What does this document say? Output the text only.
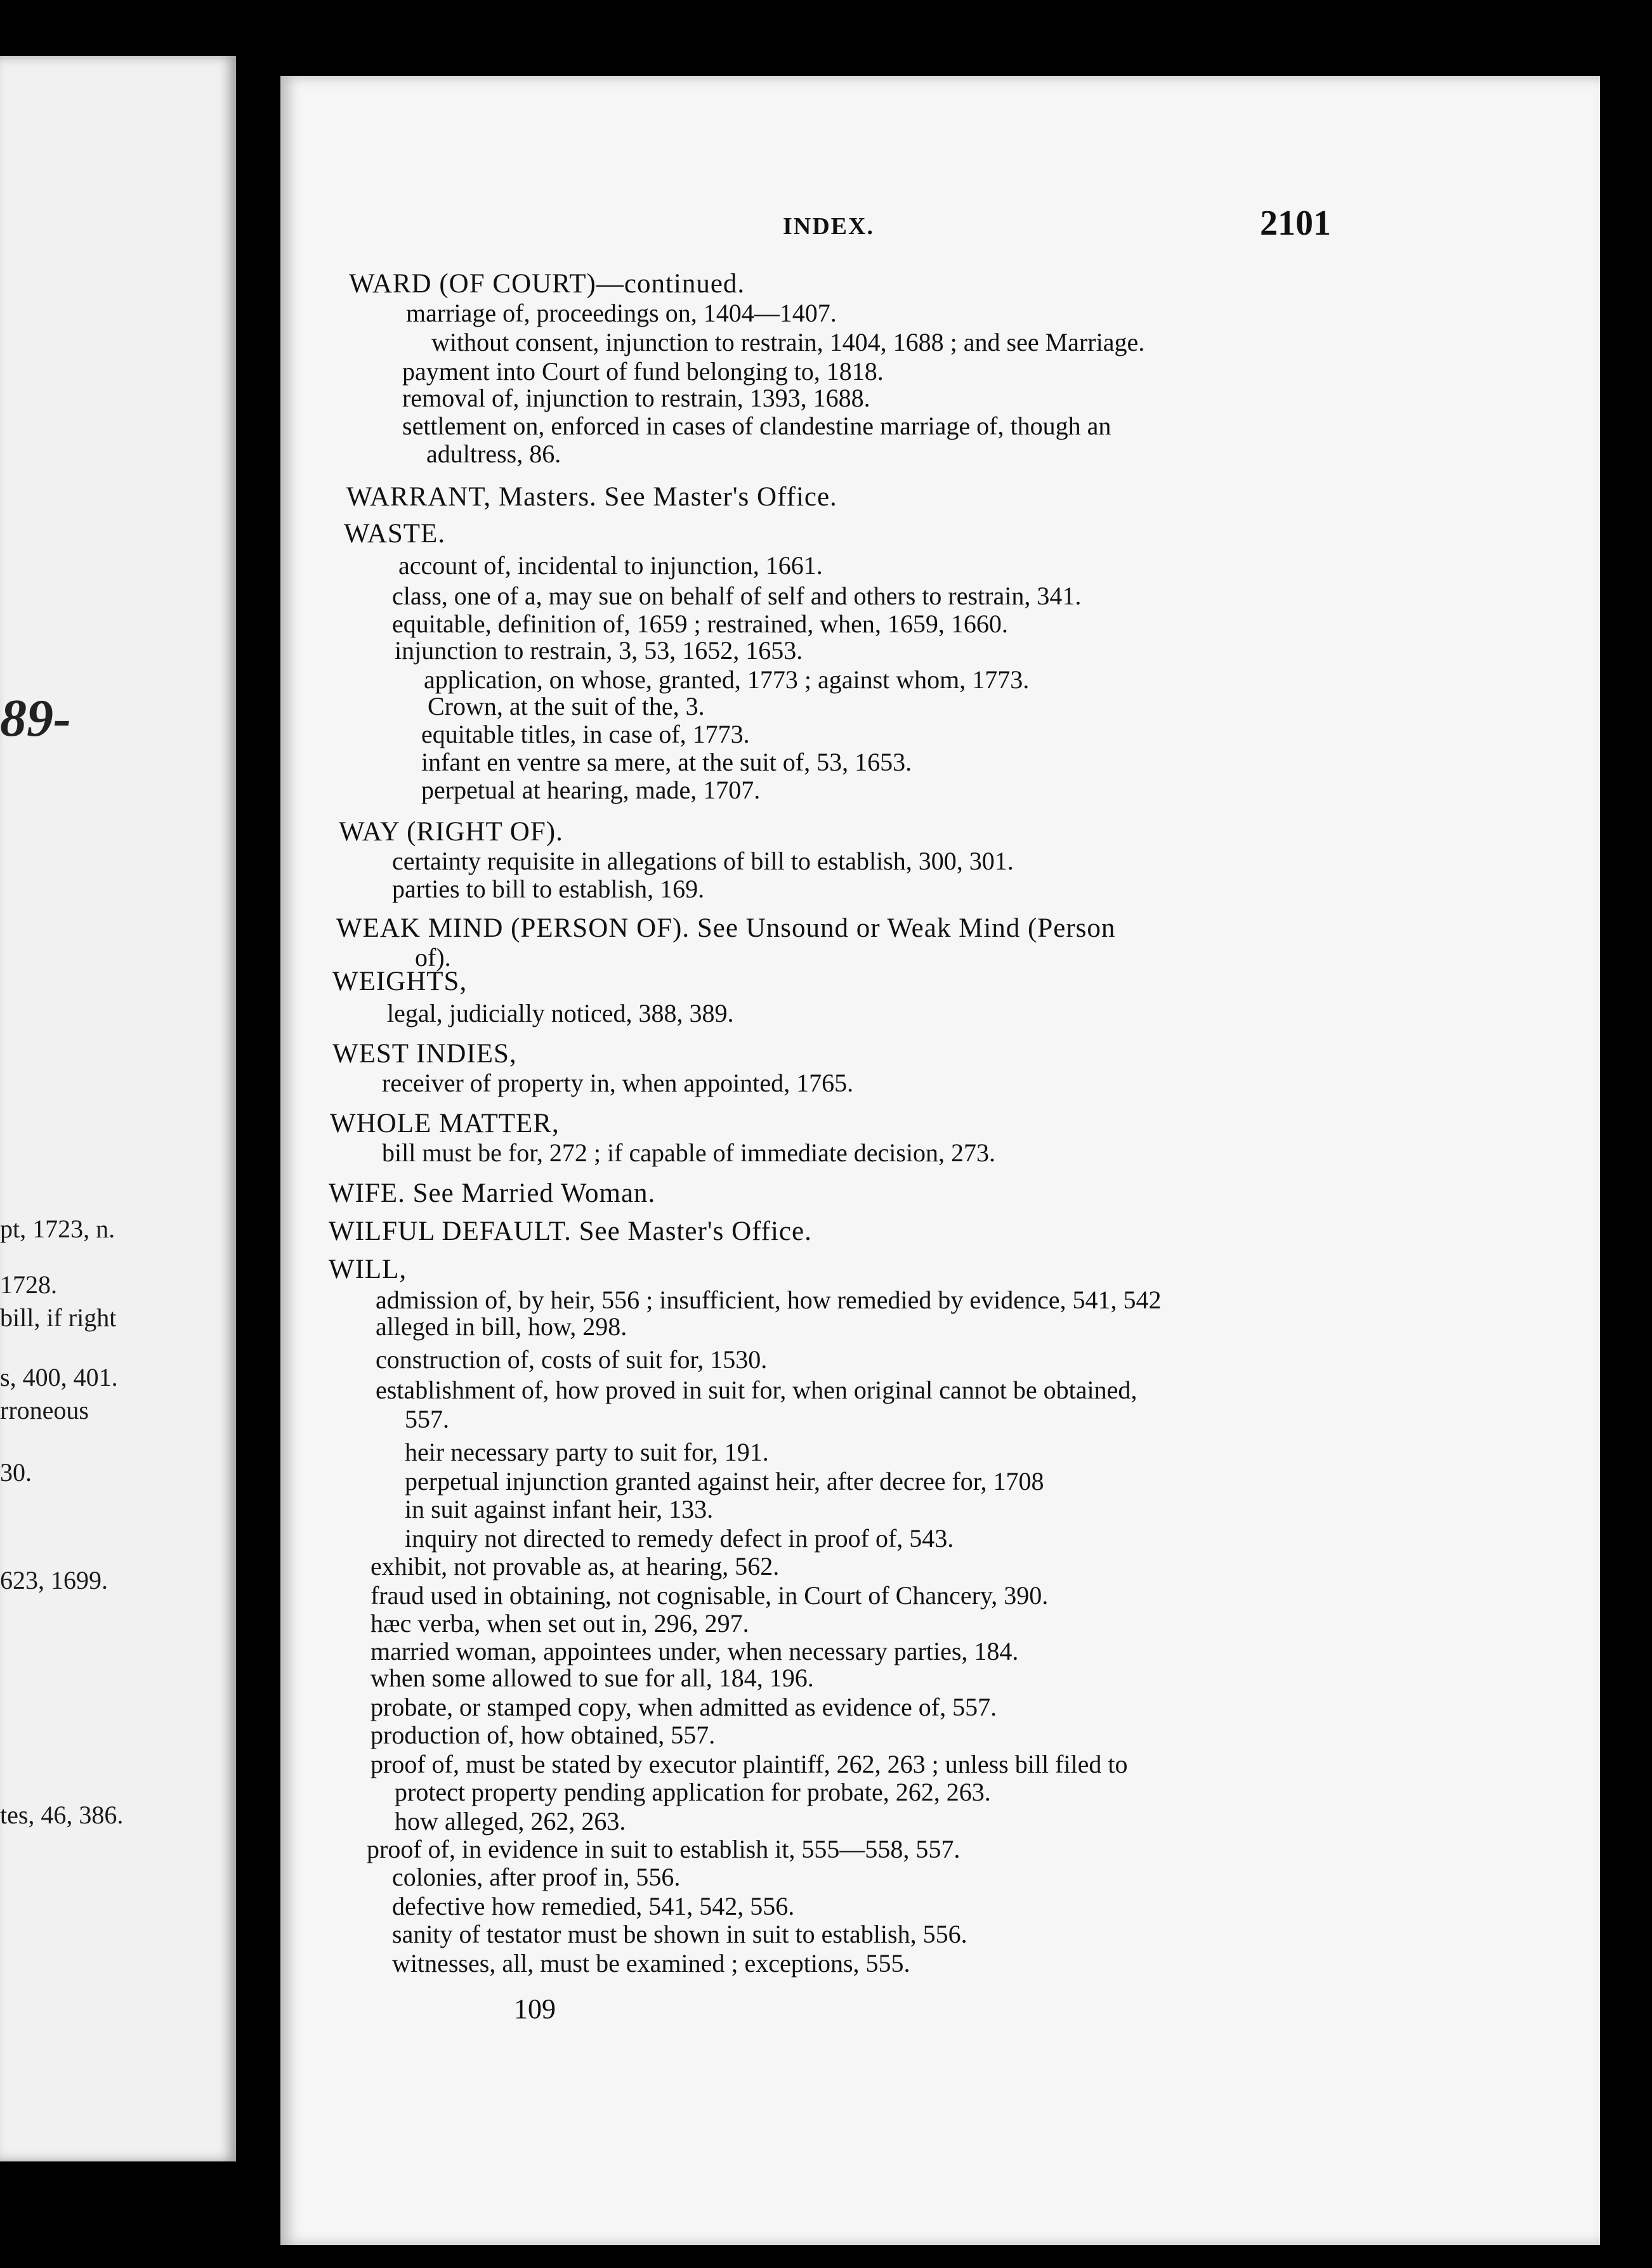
89-
pt, 1723, n.
1728.
bill, if right
s, 400, 401.
rroneous
30.
623, 1699.
tes, 46, 386.
INDEX.	2101
WARD (OF COURT)—continued.
marriage of, proceedings on, 1404—1407.
without consent, injunction to restrain, 1404, 1688 ; and see Marriage.
payment into Court of fund belonging to, 1818.
removal of, injunction to restrain, 1393, 1688.
settlement on, enforced in cases of clandestine marriage of, though an
adultress, 86.
WARRANT, Masters. See Master's Office.
WASTE.
account of, incidental to injunction, 1661.
class, one of a, may sue on behalf of self and others to restrain, 341.
equitable, definition of, 1659 ; restrained, when, 1659, 1660.
injunction to restrain, 3, 53, 1652, 1653.
application, on whose, granted, 1773 ; against whom, 1773.
Crown, at the suit of the, 3.
equitable titles, in case of, 1773.
infant en ventre sa mere, at the suit of, 53, 1653.
perpetual at hearing, made, 1707.
WAY (RIGHT OF).
certainty requisite in allegations of bill to establish, 300, 301.
parties to bill to establish, 169.
WEAK MIND (PERSON OF). See Unsound or Weak Mind (Person
of).
WEIGHTS,
legal, judicially noticed, 388, 389.
WEST INDIES,
receiver of property in, when appointed, 1765.
WHOLE MATTER,
bill must be for, 272 ; if capable of immediate decision, 273.
WIFE. See Married Woman.
WILFUL DEFAULT. See Master's Office.
WILL,
admission of, by heir, 556 ; insufficient, how remedied by evidence, 541, 542
alleged in bill, how, 298.
construction of, costs of suit for, 1530.
establishment of, how proved in suit for, when original cannot be obtained,
557.
heir necessary party to suit for, 191.
perpetual injunction granted against heir, after decree for, 1708
in suit against infant heir, 133.
inquiry not directed to remedy defect in proof of, 543.
exhibit, not provable as, at hearing, 562.
fraud used in obtaining, not cognisable, in Court of Chancery, 390.
hæc verba, when set out in, 296, 297.
married woman, appointees under, when necessary parties, 184.
when some allowed to sue for all, 184, 196.
probate, or stamped copy, when admitted as evidence of, 557.
production of, how obtained, 557.
proof of, must be stated by executor plaintiff, 262, 263 ; unless bill filed to
protect property pending application for probate, 262, 263.
how alleged, 262, 263.
proof of, in evidence in suit to establish it, 555—558, 557.
colonies, after proof in, 556.
defective how remedied, 541, 542, 556.
sanity of testator must be shown in suit to establish, 556.
witnesses, all, must be examined ; exceptions, 555.
109
